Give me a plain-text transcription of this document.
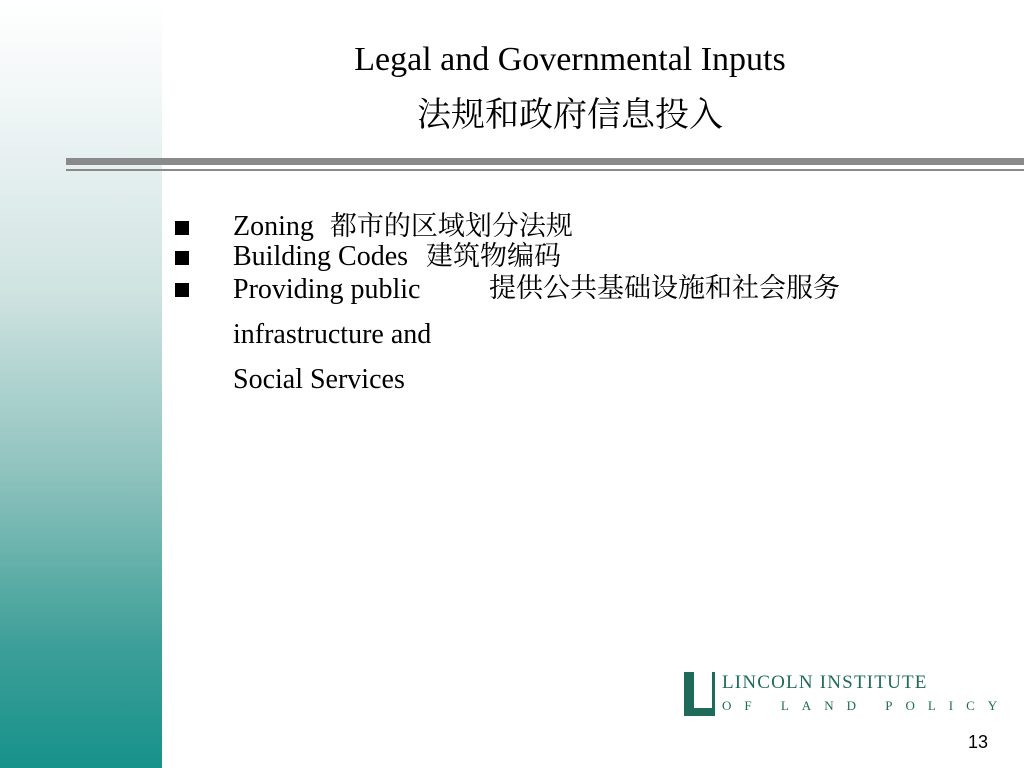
Legal and Governmental Inputs
法规和政府信息投入
Zoning 都市的区域划分法规
Building Codes 建筑物编码
Providing public
infrastructure and
Social Services
提供公共基础设施和社会服务
LINCOLN INSTITUTE
OF LAND POLICY
13
